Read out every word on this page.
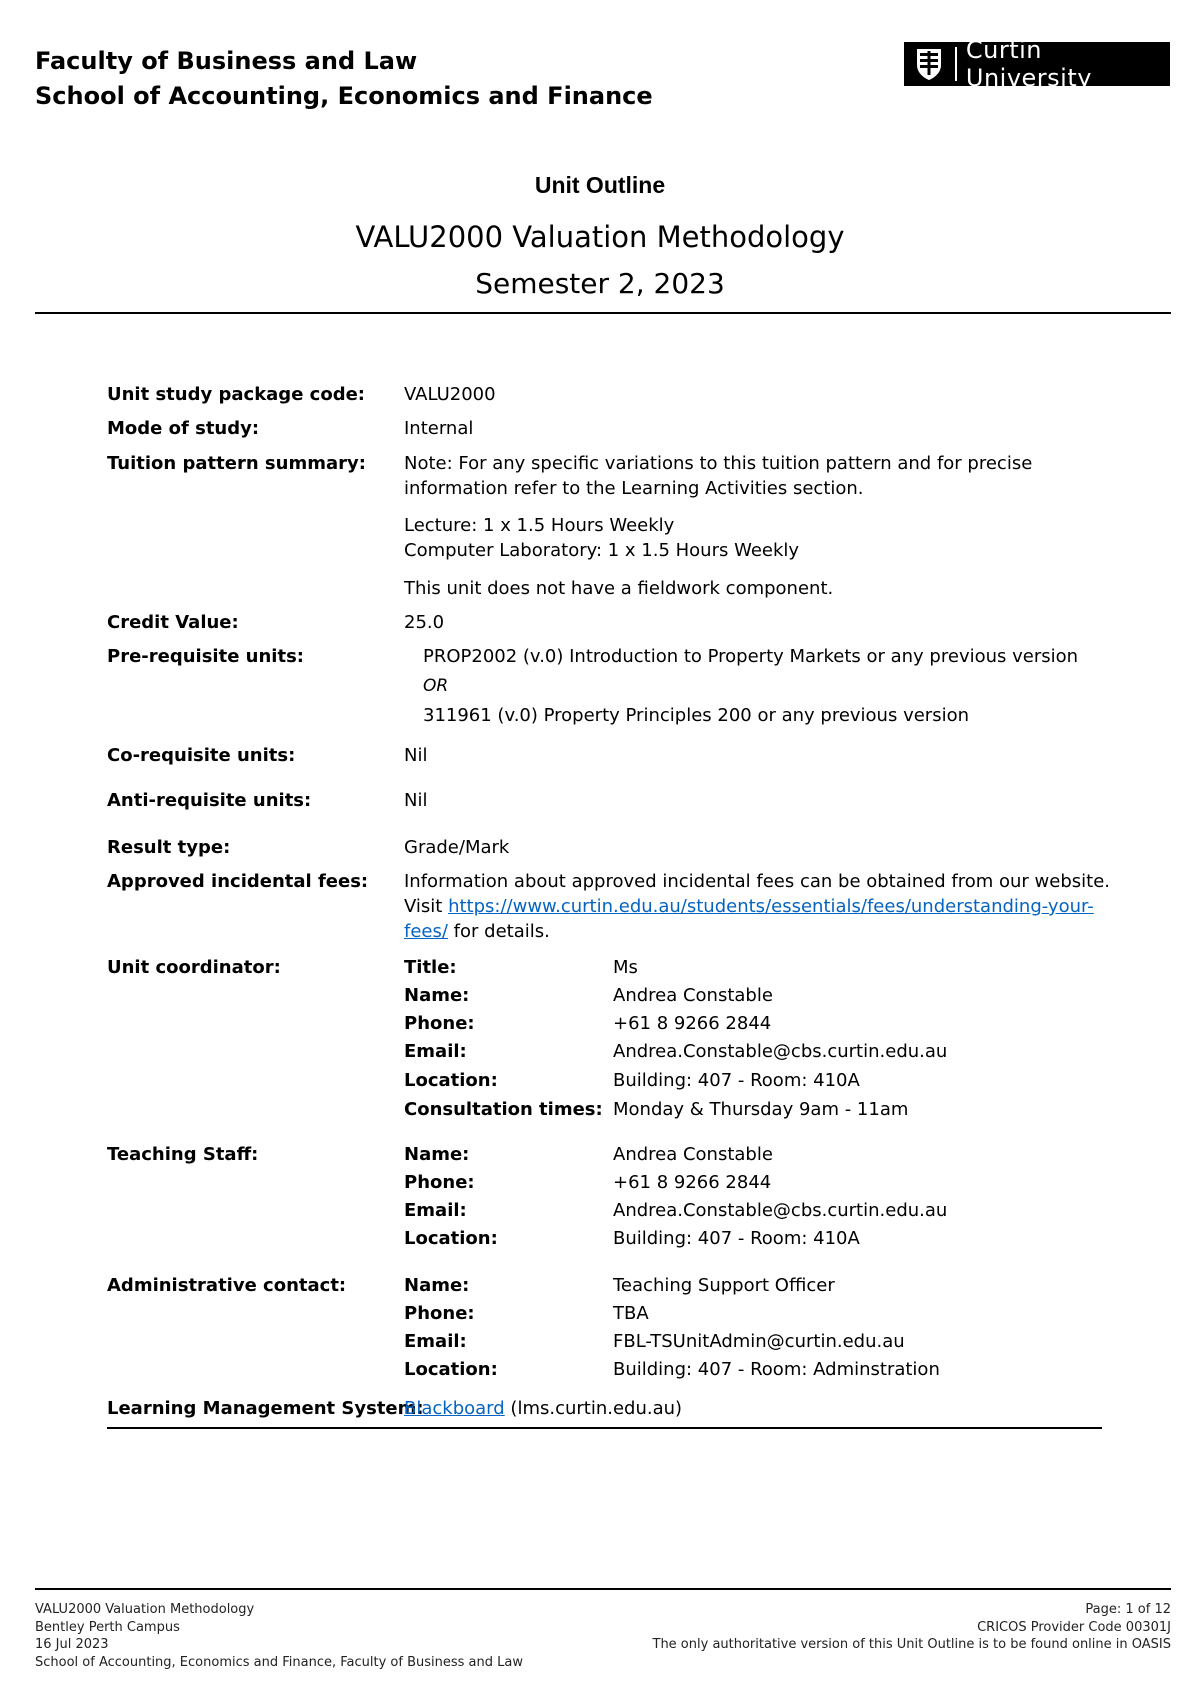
Faculty of Business and Law
School of Accounting, Economics and Finance
Curtin University
Unit Outline
VALU2000 Valuation Methodology
Semester 2, 2023
Unit study package code: VALU2000
Mode of study:	Internal
Tuition pattern summary: Note: For any specific variations to this tuition pattern and for precise
information refer to the Learning Activities section.
Lecture: 1 x 1.5 Hours Weekly
Computer Laboratory: 1 x 1.5 Hours Weekly
This unit does not have a fieldwork component.
Credit Value:	25.0
Pre-requisite units:	PROP2002 (v.0) Introduction to Property Markets or any previous version
OR
311961 (v.0) Property Principles 200 or any previous version
Co-requisite units:	Nil
Anti-requisite units:	Nil
Result type:	Grade/Mark
Approved incidental fees: Information about approved incidental fees can be obtained from our website.
Visit https://www.curtin.edu.au/students/essentials/fees/understanding-your-
fees/ for details.
Unit coordinator:	Title:	Ms
Name:	Andrea Constable
Phone:	+61 8 9266 2844
Email:	Andrea.Constable@cbs.curtin.edu.au
Location:	Building: 407 - Room: 410A
Consultation times: Monday & Thursday 9am - 11am
Teaching Staff:	Name:	Andrea Constable
Phone:	+61 8 9266 2844
Email:	Andrea.Constable@cbs.curtin.edu.au
Location:	Building: 407 - Room: 410A
Administrative contact:	Name:	Teaching Support Officer
Phone:	TBA
Email:	FBL-TSUnitAdmin@curtin.edu.au
Location:	Building: 407 - Room: Adminstration
Learning Management System:
Blackboard (lms.curtin.edu.au)
VALU2000 Valuation Methodology
Bentley Perth Campus
16 Jul 2023
School of Accounting, Economics and Finance, Faculty of Business and Law
Page: 1 of 12
CRICOS Provider Code 00301J
The only authoritative version of this Unit Outline is to be found online in OASIS
